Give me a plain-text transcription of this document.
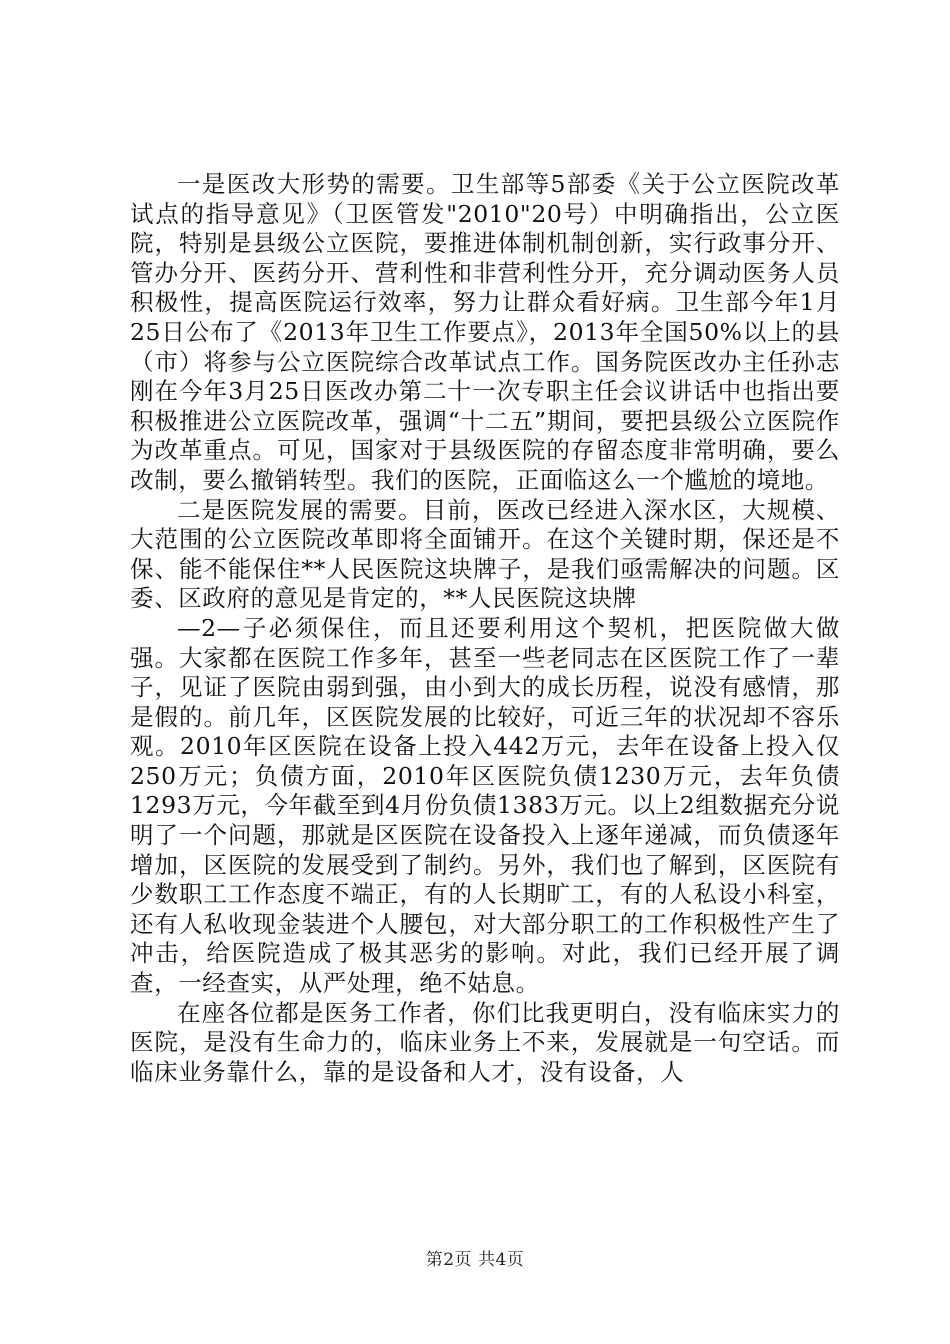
一是医改大形势的需要。卫生部等5部委《关于公立医院改革试点的指导意见》（卫医管发"2010"20号）中明确指出，公立医院，特别是县级公立医院，要推进体制机制创新，实行政事分开、管办分开、医药分开、营利性和非营利性分开，充分调动医务人员积极性，提高医院运行效率，努力让群众看好病。卫生部今年1月25日公布了《2013年卫生工作要点》，2013年全国50%以上的县（市）将参与公立医院综合改革试点工作。国务院医改办主任孙志刚在今年3月25日医改办第二十一次专职主任会议讲话中也指出要积极推进公立医院改革，强调“十二五”期间，要把县级公立医院作为改革重点。可见，国家对于县级医院的存留态度非常明确，要么改制，要么撤销转型。我们的医院，正面临这么一个尴尬的境地。

二是医院发展的需要。目前，医改已经进入深水区，大规模、大范围的公立医院改革即将全面铺开。在这个关键时期，保还是不保、能不能保住**人民医院这块牌子，是我们亟需解决的问题。区委、区政府的意见是肯定的，**人民医院这块牌

—2—子必须保住，而且还要利用这个契机，把医院做大做强。大家都在医院工作多年，甚至一些老同志在区医院工作了一辈子，见证了医院由弱到强，由小到大的成长历程，说没有感情，那是假的。前几年，区医院发展的比较好，可近三年的状况却不容乐观。2010年区医院在设备上投入442万元，去年在设备上投入仅250万元；负债方面，2010年区医院负债1230万元，去年负债1293万元，今年截至到4月份负债1383万元。以上2组数据充分说明了一个问题，那就是区医院在设备投入上逐年递减，而负债逐年增加，区医院的发展受到了制约。另外，我们也了解到，区医院有少数职工工作态度不端正，有的人长期旷工，有的人私设小科室，还有人私收现金装进个人腰包，对大部分职工的工作积极性产生了冲击，给医院造成了极其恶劣的影响。对此，我们已经开展了调查，一经查实，从严处理，绝不姑息。

在座各位都是医务工作者，你们比我更明白，没有临床实力的医院，是没有生命力的，临床业务上不来，发展就是一句空话。而临床业务靠什么，靠的是设备和人才，没有设备，人

第2页 共4页
